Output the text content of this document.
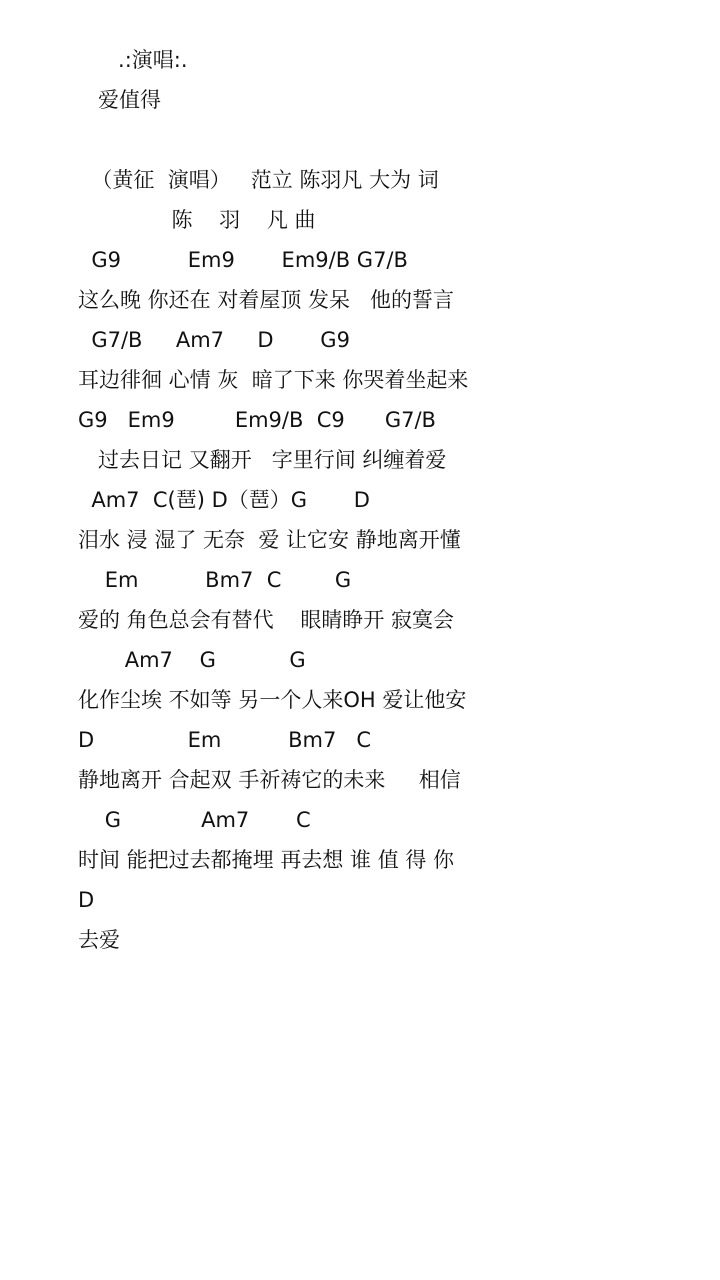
.:演唱:.
爱值得
（黄征  演唱）   范立 陈羽凡 大为 词
陈    羽    凡 曲
G9          Em9       Em9/B G7/B
这么晚 你还在 对着屋顶 发呆   他的誓言
G7/B     Am7     D       G9
耳边徘徊 心情 灰  暗了下来 你哭着坐起来
G9   Em9         Em9/B  C9      G7/B
过去日记 又翻开   字里行间 纠缠着爱
Am7  C(琶) D（琶）G       D
泪水 浸 湿了 无奈  爱 让它安 静地离开懂
Em          Bm7  C        G
爱的 角色总会有替代    眼睛睁开 寂寞会
Am7    G           G
化作尘埃 不如等 另一个人来OH 爱让他安
D              Em          Bm7   C
静地离开 合起双 手祈祷它的未来     相信
G            Am7       C
时间 能把过去都掩埋 再去想 谁 值 得 你
D
去爱
